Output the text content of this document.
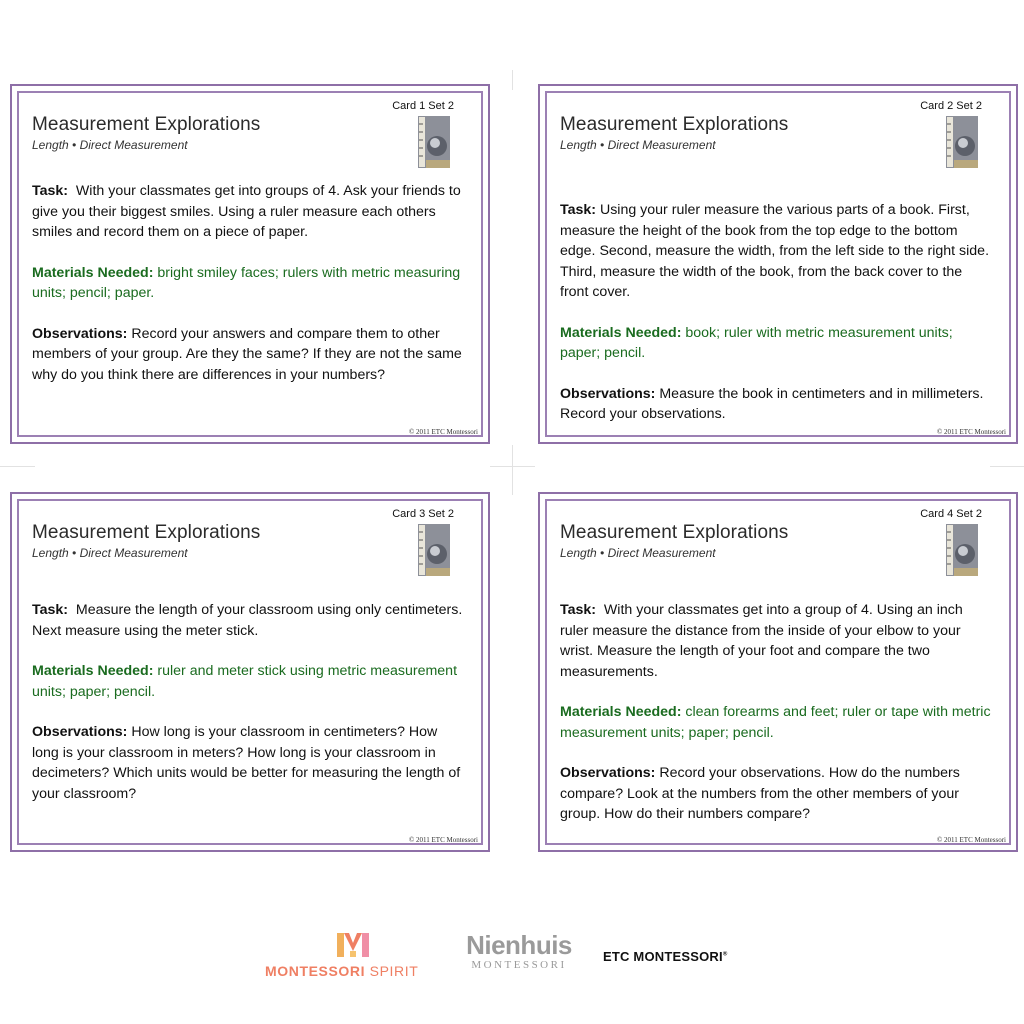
Card 1 Set 2
Measurement Explorations
Length • Direct Measurement

Task: With your classmates get into groups of 4. Ask your friends to give you their biggest smiles. Using a ruler measure each others smiles and record them on a piece of paper.

Materials Needed: bright smiley faces; rulers with metric measuring units; pencil; paper.

Observations: Record your answers and compare them to other members of your group. Are they the same? If they are not the same why do you think there are differences in your numbers?

© 2011 ETC Montessori
Card 2 Set 2
Measurement Explorations
Length • Direct Measurement

Task: Using your ruler measure the various parts of a book. First, measure the height of the book from the top edge to the bottom edge. Second, measure the width, from the left side to the right side. Third, measure the width of the book, from the back cover to the front cover.

Materials Needed: book; ruler with metric measurement units; paper; pencil.

Observations: Measure the book in centimeters and in millimeters. Record your observations.

© 2011 ETC Montessori
Card 3 Set 2
Measurement Explorations
Length • Direct Measurement

Task: Measure the length of your classroom using only centimeters. Next measure using the meter stick.

Materials Needed: ruler and meter stick using metric measurement units; paper; pencil.

Observations: How long is your classroom in centimeters? How long is your classroom in meters? How long is your classroom in decimeters? Which units would be better for measuring the length of your classroom?

© 2011 ETC Montessori
Card 4 Set 2
Measurement Explorations
Length • Direct Measurement

Task: With your classmates get into a group of 4. Using an inch ruler measure the distance from the inside of your elbow to your wrist. Measure the length of your foot and compare the two measurements.

Materials Needed: clean forearms and feet; ruler or tape with metric measurement units; paper; pencil.

Observations: Record your observations. How do the numbers compare? Look at the numbers from the other members of your group. How do their numbers compare?

© 2011 ETC Montessori
MONTESSORI SPIRIT
Nienhuis
MONTESSORI
ETC MONTESSORI®
